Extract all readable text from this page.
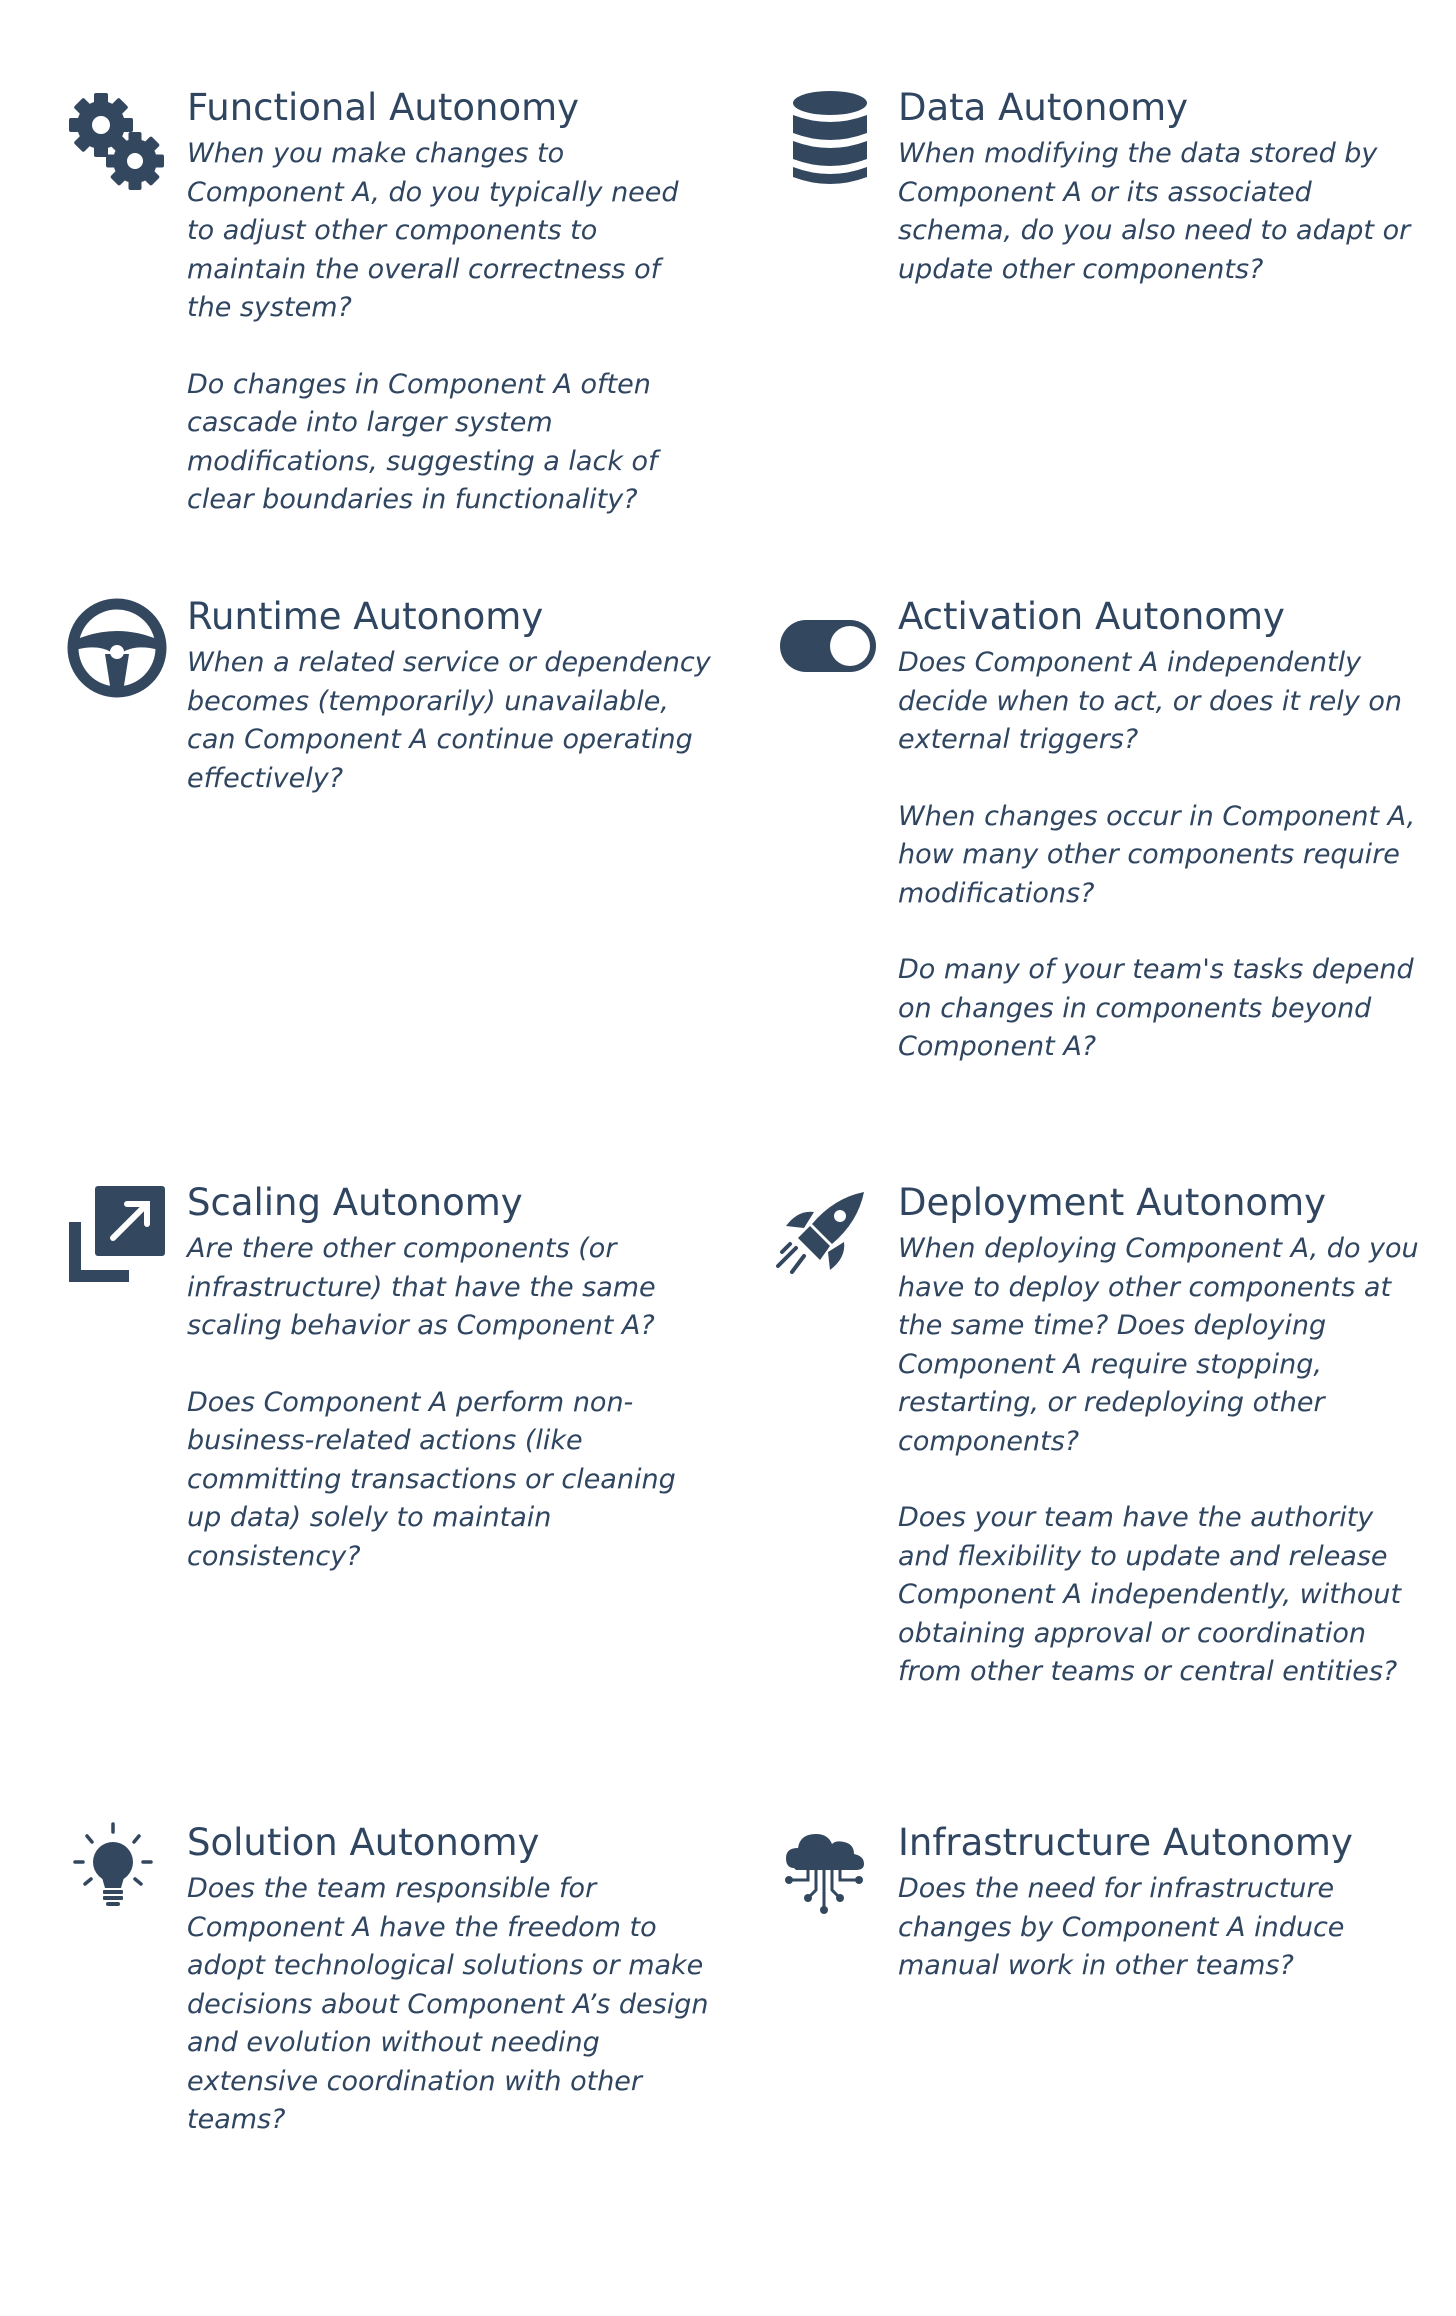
Functional Autonomy

When you make changes to
Component A, do you typically need
to adjust other components to
maintain the overall correctness of
the system?

Do changes in Component A often
cascade into larger system
modifications, suggesting a lack of
clear boundaries in functionality?

Data Autonomy

When modifying the data stored by
Component A or its associated
schema, do you also need to adapt or
update other components?

Runtime Autonomy

When a related service or dependency
becomes (temporarily) unavailable,
can Component A continue operating
effectively?

Activation Autonomy

Does Component A independently
decide when to act, or does it rely on
external triggers?

When changes occur in Component A,
how many other components require
modifications?

Do many of your team's tasks depend
on changes in components beyond
Component A?

Scaling Autonomy

Are there other components (or
infrastructure) that have the same
scaling behavior as Component A?

Does Component A perform non-
business-related actions (like
committing transactions or cleaning
up data) solely to maintain
consistency?

Deployment Autonomy

When deploying Component A, do you
have to deploy other components at
the same time? Does deploying
Component A require stopping,
restarting, or redeploying other
components?

Does your team have the authority
and flexibility to update and release
Component A independently, without
obtaining approval or coordination
from other teams or central entities?

Solution Autonomy

Does the team responsible for
Component A have the freedom to
adopt technological solutions or make
decisions about Component A’s design
and evolution without needing
extensive coordination with other
teams?

Infrastructure Autonomy

Does the need for infrastructure
changes by Component A induce
manual work in other teams?
